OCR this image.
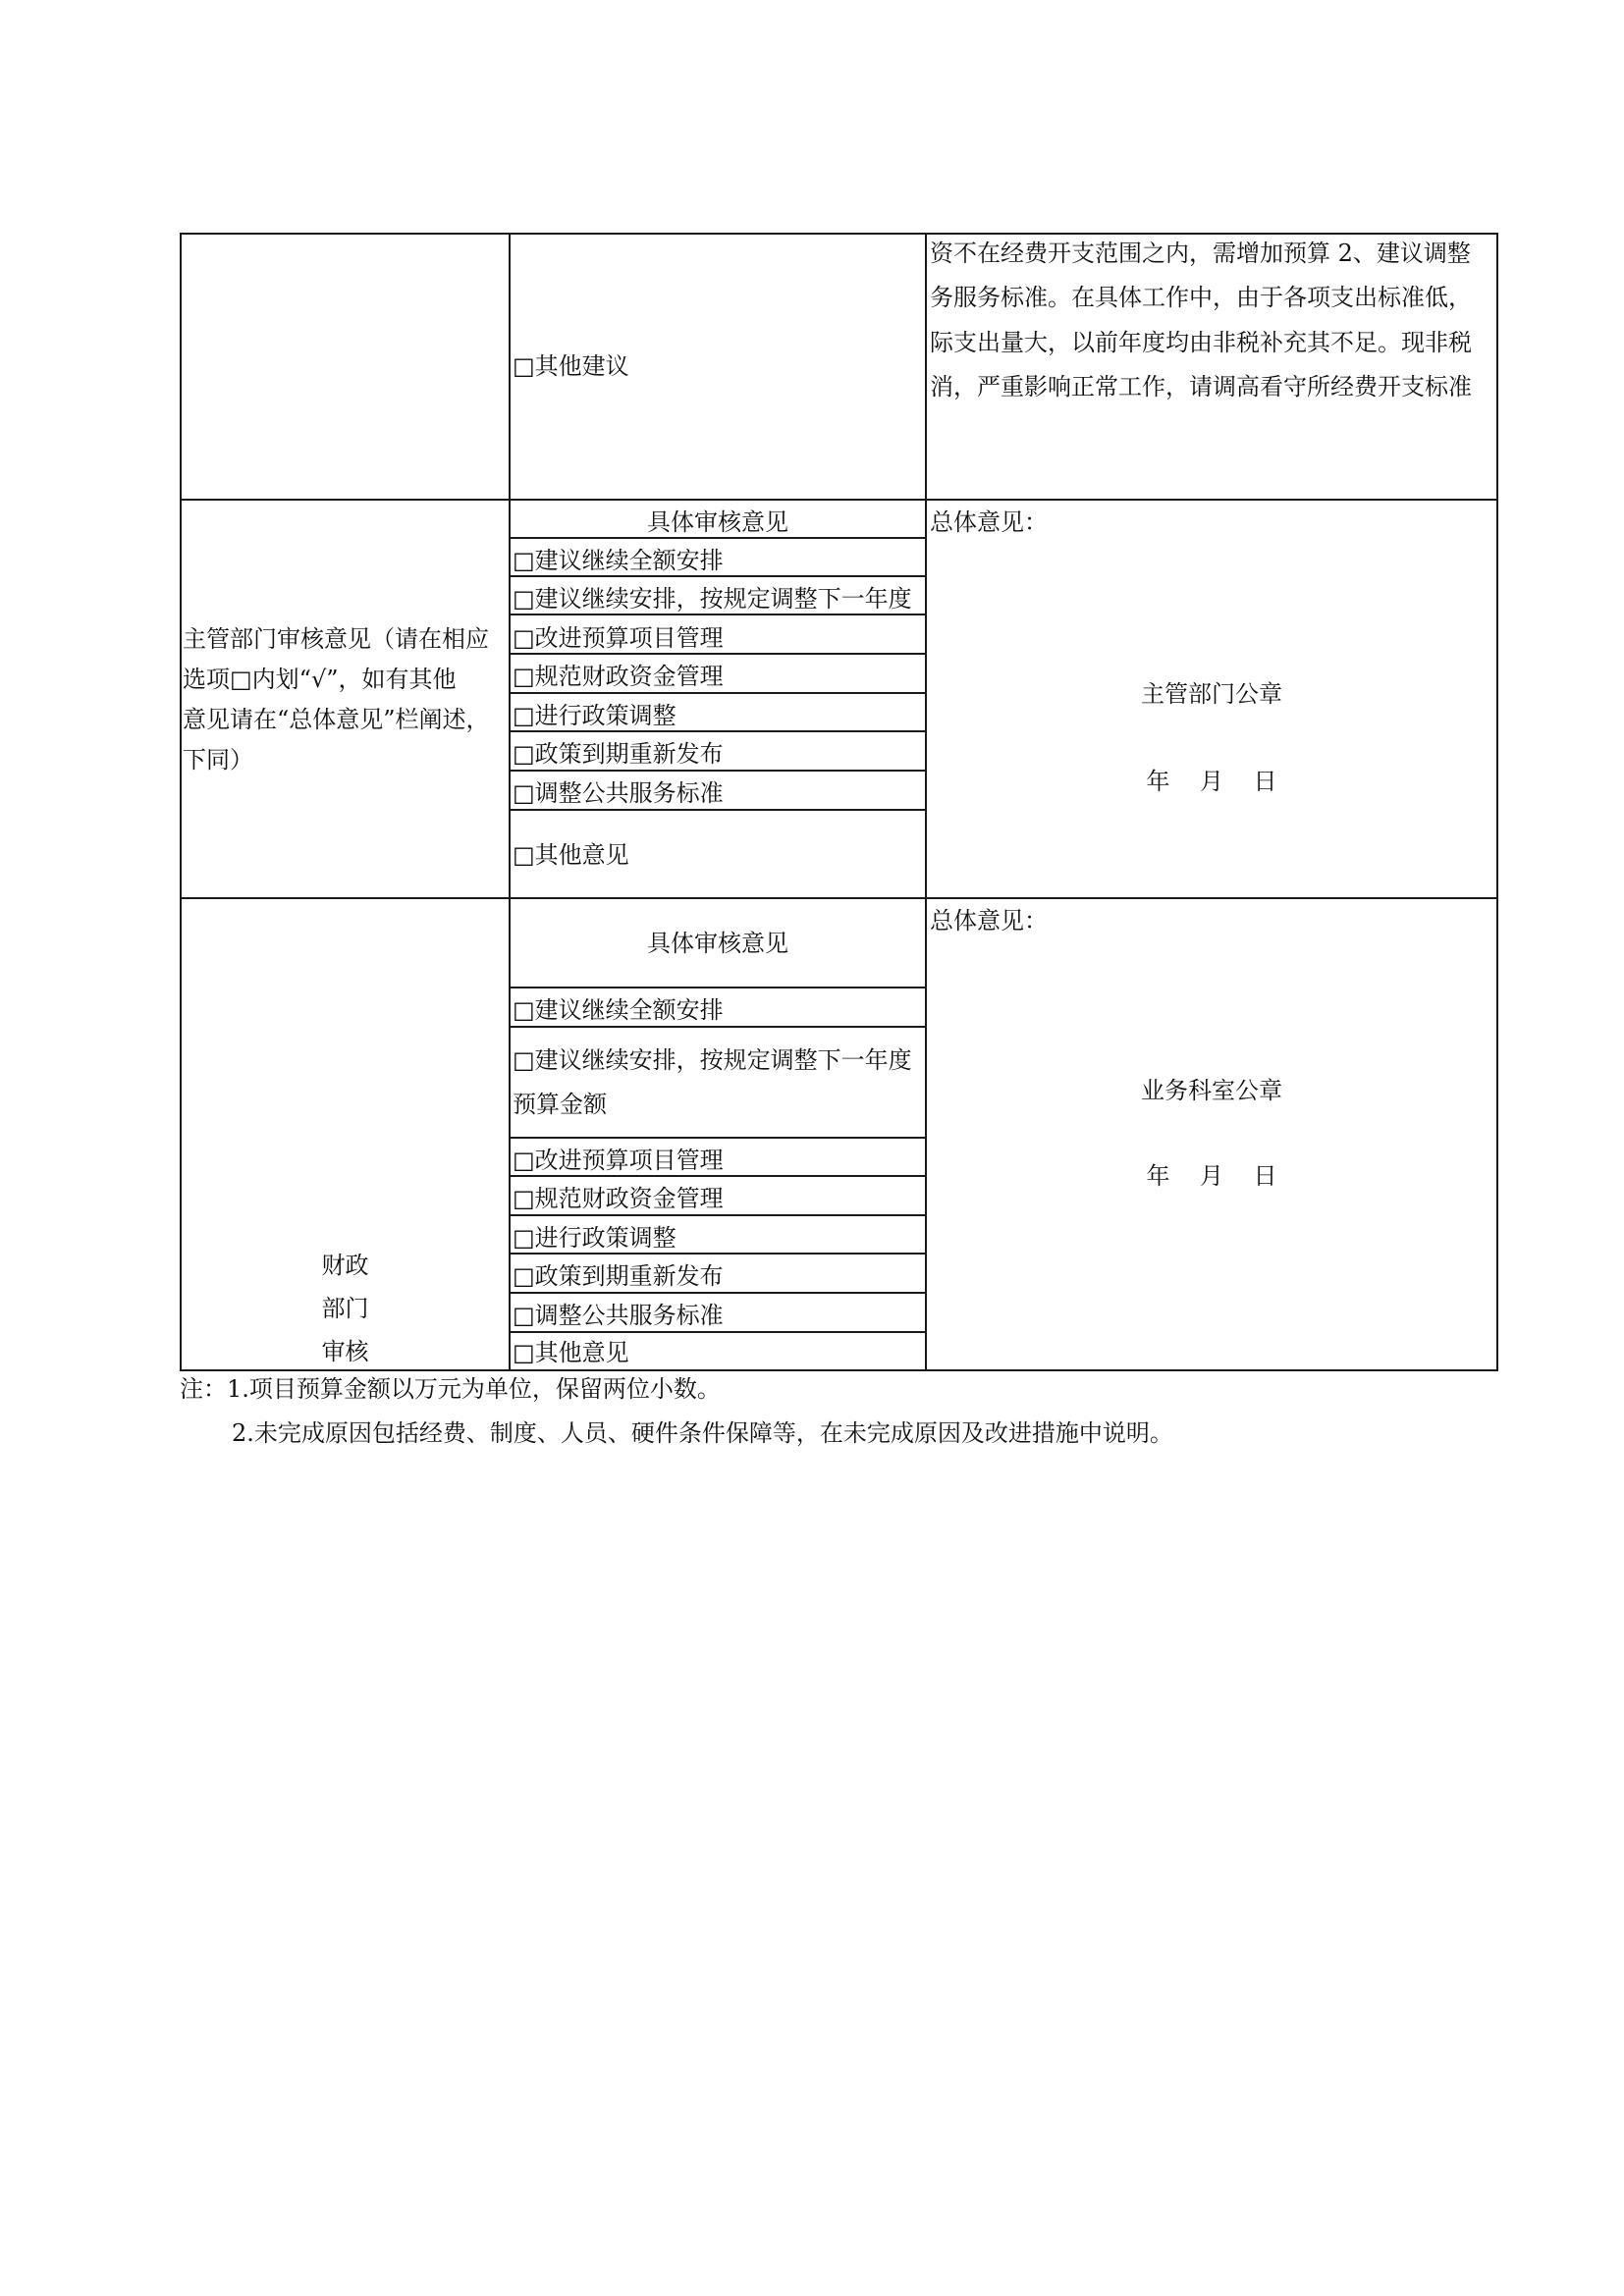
□其他建议
资不在经费开支范围之内，需增加预算 2、建议调整
务服务标准。在具体工作中，由于各项支出标准低，
际支出量大，以前年度均由非税补充其不足。现非税
消，严重影响正常工作，请调高看守所经费开支标准
主管部门审核意见（请在相应
选项□内划“√”，如有其他
意见请在“总体意见”栏阐述，
下同）
具体审核意见
□建议继续全额安排
□建议继续安排，按规定调整下一年度
□改进预算项目管理
□规范财政资金管理
□进行政策调整
□政策到期重新发布
□调整公共服务标准
□其他意见
总体意见：
主管部门公章
年    月    日
财政
部门
审核
具体审核意见
□建议继续全额安排
□建议继续安排，按规定调整下一年度
预算金额
□改进预算项目管理
□规范财政资金管理
□进行政策调整
□政策到期重新发布
□调整公共服务标准
□其他意见
总体意见：
业务科室公章
年    月    日
注：1.项目预算金额以万元为单位，保留两位小数。
2.未完成原因包括经费、制度、人员、硬件条件保障等，在未完成原因及改进措施中说明。
